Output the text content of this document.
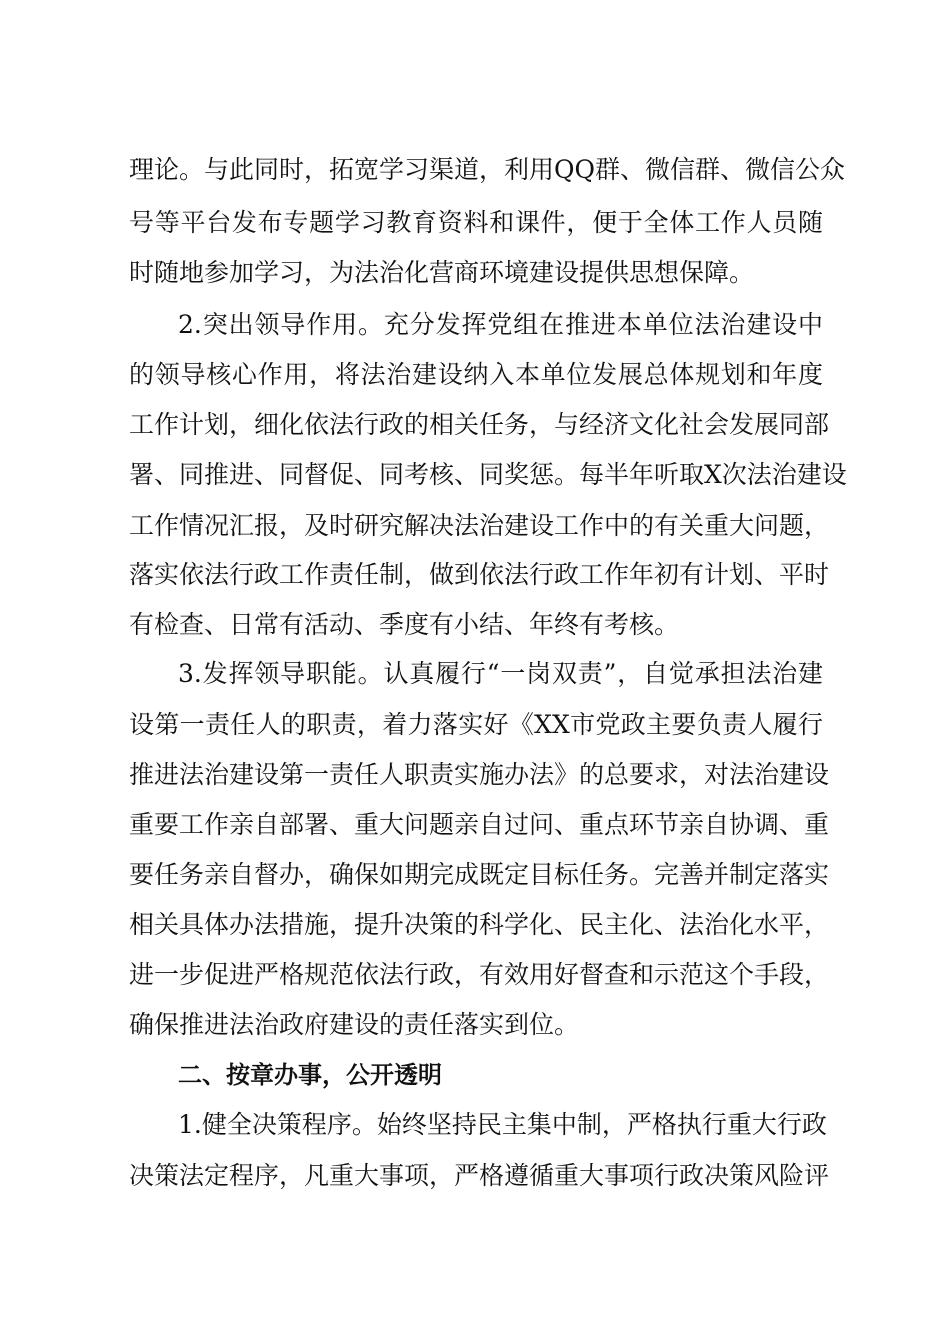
理论。与此同时，拓宽学习渠道，利用QQ群、微信群、微信公众
号等平台发布专题学习教育资料和课件，便于全体工作人员随
时随地参加学习，为法治化营商环境建设提供思想保障。
2.突出领导作用。充分发挥党组在推进本单位法治建设中
的领导核心作用，将法治建设纳入本单位发展总体规划和年度
工作计划，细化依法行政的相关任务，与经济文化社会发展同部
署、同推进、同督促、同考核、同奖惩。每半年听取X次法治建设
工作情况汇报，及时研究解决法治建设工作中的有关重大问题，
落实依法行政工作责任制，做到依法行政工作年初有计划、平时
有检查、日常有活动、季度有小结、年终有考核。
3.发挥领导职能。认真履行“一岗双责”，自觉承担法治建
设第一责任人的职责，着力落实好《XX市党政主要负责人履行
推进法治建设第一责任人职责实施办法》的总要求，对法治建设
重要工作亲自部署、重大问题亲自过问、重点环节亲自协调、重
要任务亲自督办，确保如期完成既定目标任务。完善并制定落实
相关具体办法措施，提升决策的科学化、民主化、法治化水平，
进一步促进严格规范依法行政，有效用好督查和示范这个手段，
确保推进法治政府建设的责任落实到位。
二、按章办事，公开透明
1.健全决策程序。始终坚持民主集中制，严格执行重大行政
决策法定程序，凡重大事项，严格遵循重大事项行政决策风险评
